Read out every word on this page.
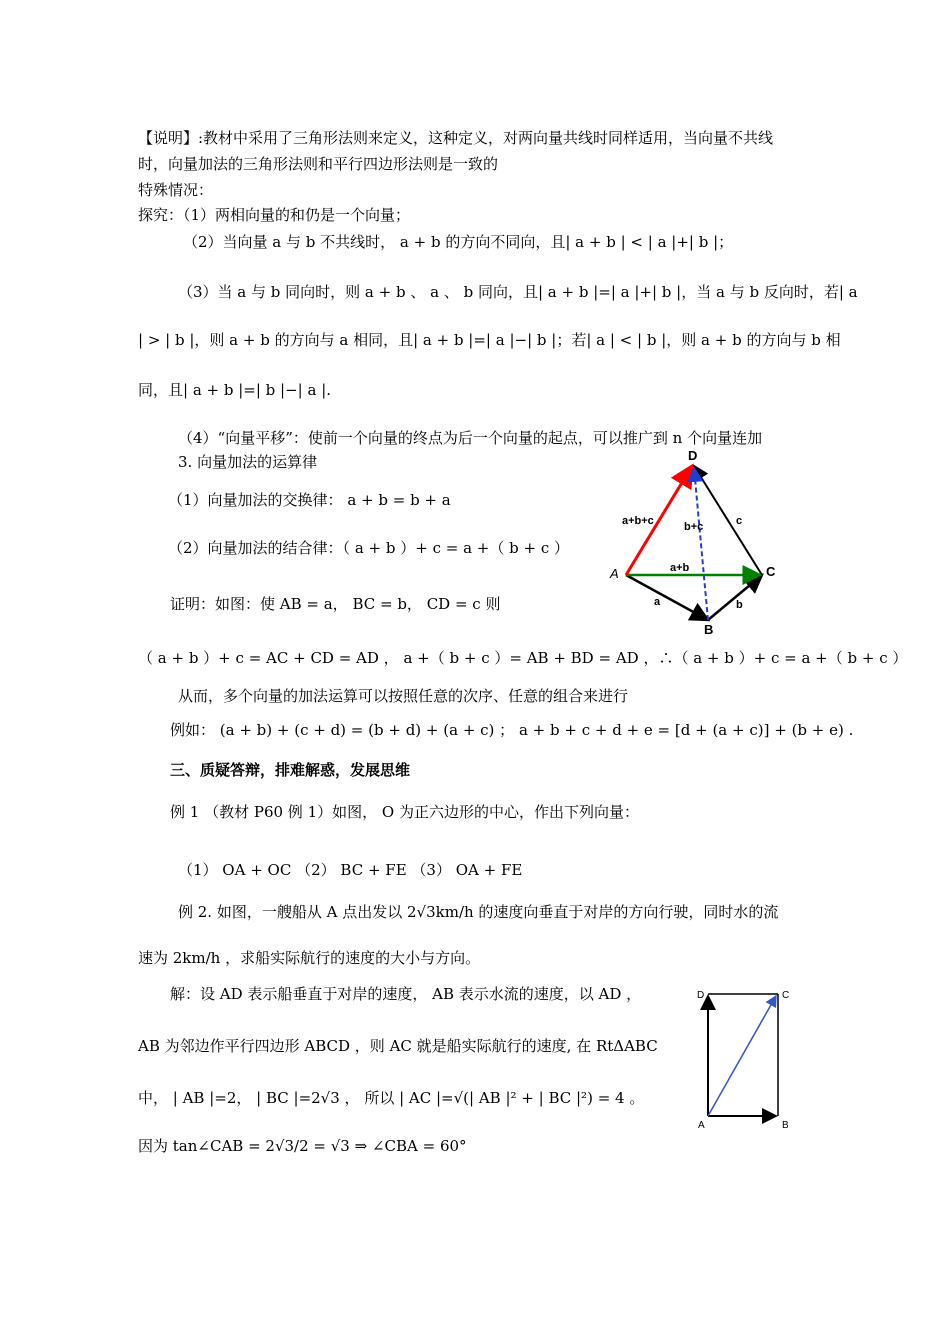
【说明】:教材中采用了三角形法则来定义，这种定义，对两向量共线时同样适用，当向量不共线
时，向量加法的三角形法则和平行四边形法则是一致的
特殊情况：
探究：（1）两相向量的和仍是一个向量；
（2）当向量 a 与 b 不共线时， a + b 的方向不同向，且| a + b | < | a |+| b |；
（3）当 a 与 b 同向时，则 a + b 、 a 、 b 同向，且| a + b |=| a |+| b |，当 a 与 b 反向时，若| a
| > | b |，则 a + b 的方向与 a 相同，且| a + b |=| a |−| b |；若| a | < | b |，则 a + b 的方向与 b 相
同，且| a + b |=| b |−| a |.
（4）“向量平移”：使前一个向量的终点为后一个向量的起点，可以推广到 n 个向量连加
3. 向量加法的运算律
（1）向量加法的交换律： a + b = b + a
（2）向量加法的结合律：（ a + b ）+ c = a +（ b + c ）
证明：如图：使 AB = a， BC = b， CD = c 则
（ a + b ）+ c = AC + CD = AD ， a +（ b + c ）= AB + BD = AD ，∴（ a + b ）+ c = a +（ b + c ）
从而，多个向量的加法运算可以按照任意的次序、任意的组合来进行
例如： (a + b) + (c + d) = (b + d) + (a + c) ； a + b + c + d + e = [d + (a + c)] + (b + e) .
三、质疑答辩，排难解惑，发展思维
例 1 （教材 P60 例 1）如图， O 为正六边形的中心，作出下列向量：
（1） OA + OC （2） BC + FE （3） OA + FE
例 2. 如图，一艘船从 A 点出发以 2√3km/h 的速度向垂直于对岸的方向行驶，同时水的流
速为 2km/h ，求船实际航行的速度的大小与方向。
解：设 AD 表示船垂直于对岸的速度， AB 表示水流的速度，以 AD ，
AB 为邻边作平行四边形 ABCD ，则 AC 就是船实际航行的速度, 在 RtΔABC
中， | AB |=2， | BC |=2√3 ， 所以 | AC |=√(| AB |² + | BC |²) = 4 。
因为 tan∠CAB = 2√3/2 = √3 ⇒ ∠CBA = 60°
D
A	C
B
a+b+c	b+c	c
a+b
a	b
D	C
A	B
